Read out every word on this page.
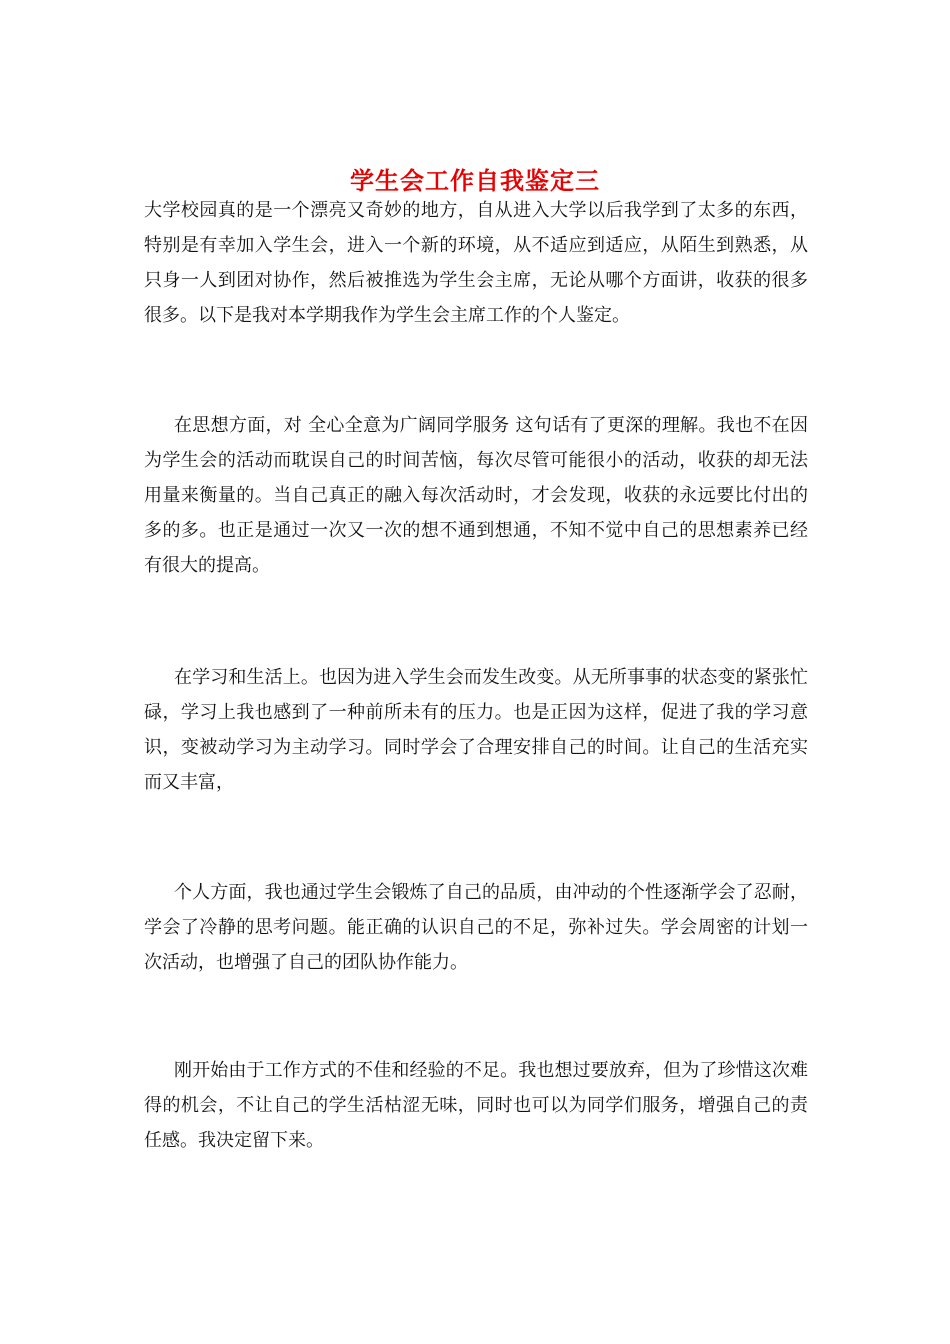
学生会工作自我鉴定三

大学校园真的是一个漂亮又奇妙的地方，自从进入大学以后我学到了太多的东西，特别是有幸加入学生会，进入一个新的环境，从不适应到适应，从陌生到熟悉，从只身一人到团对协作，然后被推选为学生会主席，无论从哪个方面讲，收获的很多很多。以下是我对本学期我作为学生会主席工作的个人鉴定。

在思想方面，对 全心全意为广阔同学服务 这句话有了更深的理解。我也不在因为学生会的活动而耽误自己的时间苦恼，每次尽管可能很小的活动，收获的却无法用量来衡量的。当自己真正的融入每次活动时，才会发现，收获的永远要比付出的多的多。也正是通过一次又一次的想不通到想通，不知不觉中自己的思想素养已经有很大的提高。

在学习和生活上。也因为进入学生会而发生改变。从无所事事的状态变的紧张忙碌，学习上我也感到了一种前所未有的压力。也是正因为这样，促进了我的学习意识，变被动学习为主动学习。同时学会了合理安排自己的时间。让自己的生活充实而又丰富，

个人方面，我也通过学生会锻炼了自己的品质，由冲动的个性逐渐学会了忍耐，学会了冷静的思考问题。能正确的认识自己的不足，弥补过失。学会周密的计划一次活动，也增强了自己的团队协作能力。

刚开始由于工作方式的不佳和经验的不足。我也想过要放弃，但为了珍惜这次难得的机会，不让自己的学生活枯涩无味，同时也可以为同学们服务，增强自己的责任感。我决定留下来。
